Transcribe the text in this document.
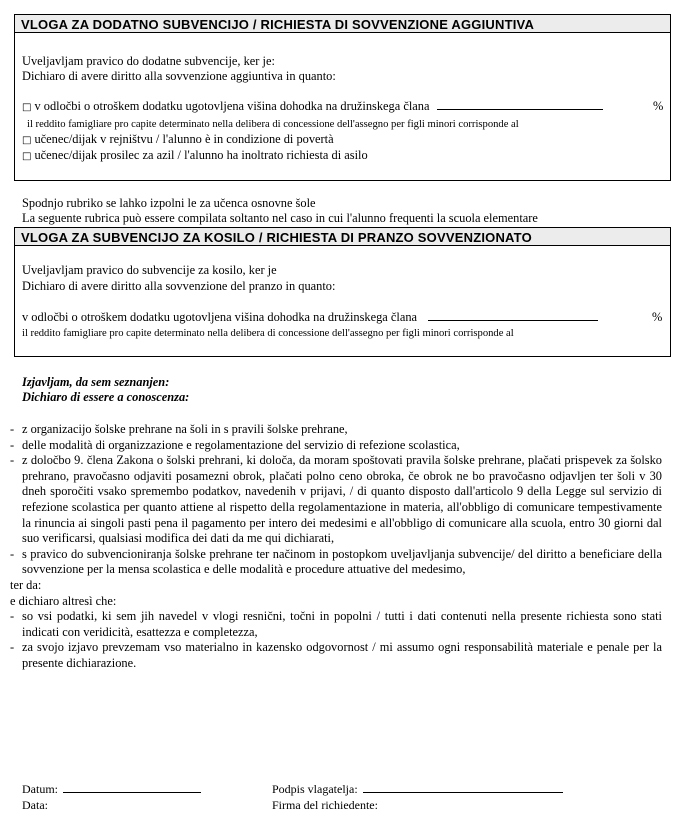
VLOGA ZA DODATNO SUBVENCIJO / RICHIESTA DI SOVVENZIONE AGGIUNTIVA
Uveljavljam pravico do dodatne subvencije, ker je:
Dichiaro di avere diritto alla sovvenzione aggiuntiva in quanto:
□ v odločbi o otroškem dodatku ugotovljena višina dohodka na družinskega člana	%
il reddito famigliare pro capite determinato nella delibera di concessione dell'assegno per figli minori corrisponde al
□ učenec/dijak v rejništvu / l'alunno è in condizione di povertà
□ učenec/dijak prosilec za azil / l'alunno ha inoltrato richiesta di asilo
Spodnjo rubriko se lahko izpolni le za učenca osnovne šole
La seguente rubrica può essere compilata soltanto nel caso in cui l'alunno frequenti la scuola elementare
VLOGA ZA SUBVENCIJO ZA KOSILO / RICHIESTA DI PRANZO SOVVENZIONATO
Uveljavljam pravico do subvencije za kosilo, ker je
Dichiaro di avere diritto alla sovvenzione del pranzo in quanto:
v odločbi o otroškem dodatku ugotovljena višina dohodka na družinskega člana	%
il reddito famigliare pro capite determinato nella delibera di concessione dell'assegno per figli minori corrisponde al
Izjavljam, da sem seznanjen:
Dichiaro di essere a conoscenza:
- z organizacijo šolske prehrane na šoli in s pravili šolske prehrane,
- delle modalità di organizzazione e regolamentazione del servizio di refezione scolastica,
- z določbo 9. člena Zakona o šolski prehrani, ki določa, da moram spoštovati pravila šolske prehrane, plačati prispevek za šolsko prehrano, pravočasno odjaviti posamezni obrok, plačati polno ceno obroka, če obrok ne bo pravočasno odjavljen ter šoli v 30 dneh sporočiti vsako spremembo podatkov, navedenih v prijavi, / di quanto disposto dall'articolo 9 della Legge sul servizio di refezione scolastica per quanto attiene al rispetto della regolamentazione in materia, all'obbligo di comunicare tempestivamente la rinuncia ai singoli pasti pena il pagamento per intero dei medesimi e all'obbligo di comunicare alla scuola, entro 30 giorni dal suo verificarsi, qualsiasi modifica dei dati da me qui dichiarati,
- s pravico do subvencioniranja šolske prehrane ter načinom in postopkom uveljavljanja subvencije/ del diritto a beneficiare della sovvenzione per la mensa scolastica e delle modalità e procedure attuative del medesimo,
ter da:
e dichiaro altresì che:
- so vsi podatki, ki sem jih navedel v vlogi resnični, točni in popolni / tutti i dati contenuti nella presente richiesta sono stati indicati con veridicità, esattezza e completezza,
- za svojo izjavo prevzemam vso materialno in kazensko odgovornost / mi assumo ogni responsabilità materiale e penale per la presente dichiarazione.
Datum:
Data:
Podpis vlagatelja:
Firma del richiedente:
